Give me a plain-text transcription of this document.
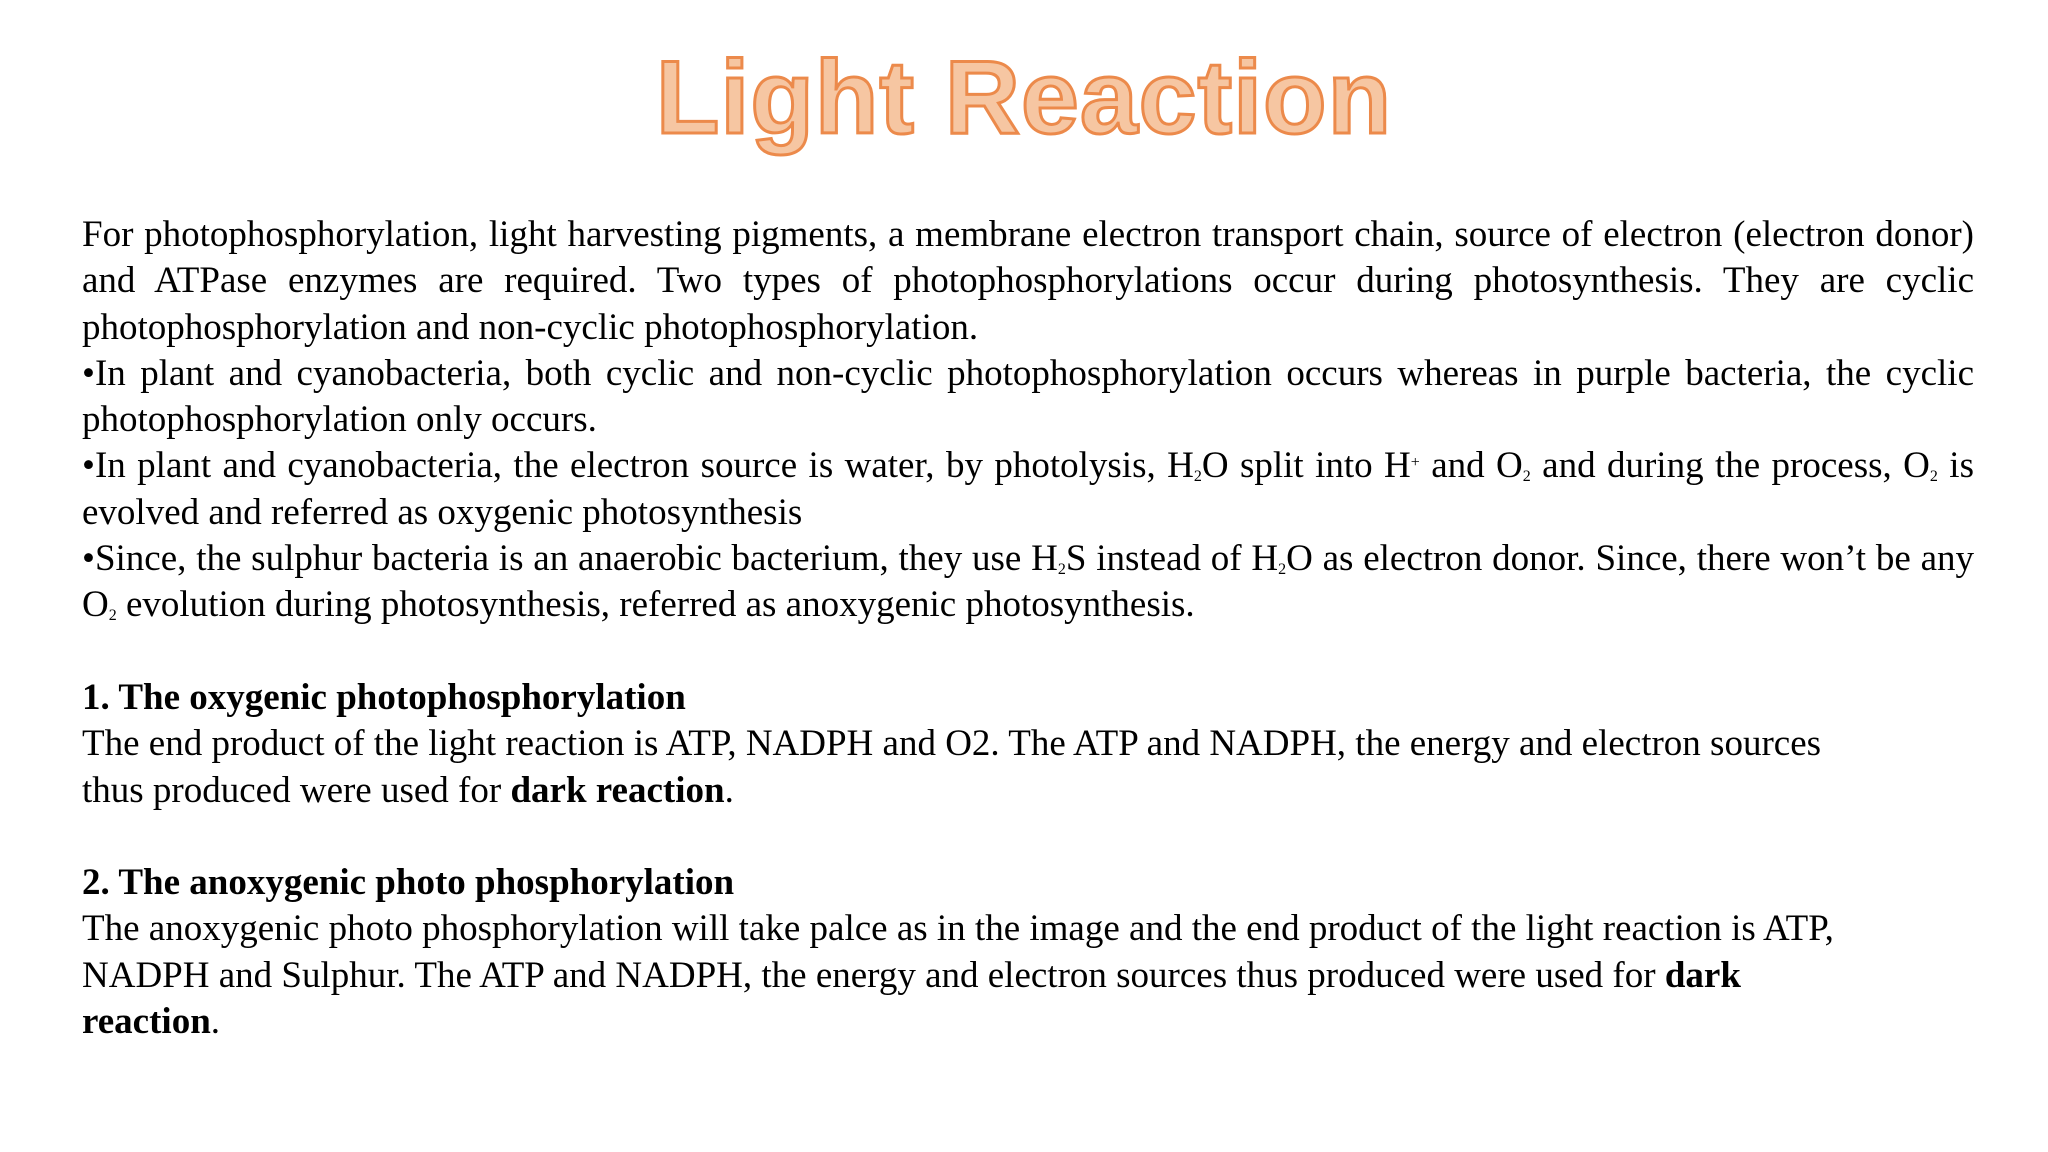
Light Reaction

For photophosphorylation, light harvesting pigments, a membrane electron transport chain, source of electron (electron donor) and ATPase enzymes are required. Two types of photophosphorylations occur during photosynthesis. They are cyclic photophosphorylation and non-cyclic photophosphorylation.

•In plant and cyanobacteria, both cyclic and non-cyclic photophosphorylation occurs whereas in purple bacteria, the cyclic photophosphorylation only occurs.

•In plant and cyanobacteria, the electron source is water, by photolysis, $H_2O$ split into H+ and $O_2$ and during the process, $O_2$ is evolved and referred as oxygenic photosynthesis

•Since, the sulphur bacteria is an anaerobic bacterium, they use $H_2S$ instead of $H_2O$ as electron donor. Since, there won’t be any $O_2$ evolution during photosynthesis, referred as anoxygenic photosynthesis.

1. The oxygenic photophosphorylation

The end product of the light reaction is ATP, NADPH and O2. The ATP and NADPH, the energy and electron sources

thus produced were used for dark reaction.

2. The anoxygenic photo phosphorylation

The anoxygenic photo phosphorylation will take palce as in the image and the end product of the light reaction is ATP,

NADPH and Sulphur. The ATP and NADPH, the energy and electron sources thus produced were used for dark

reaction.
